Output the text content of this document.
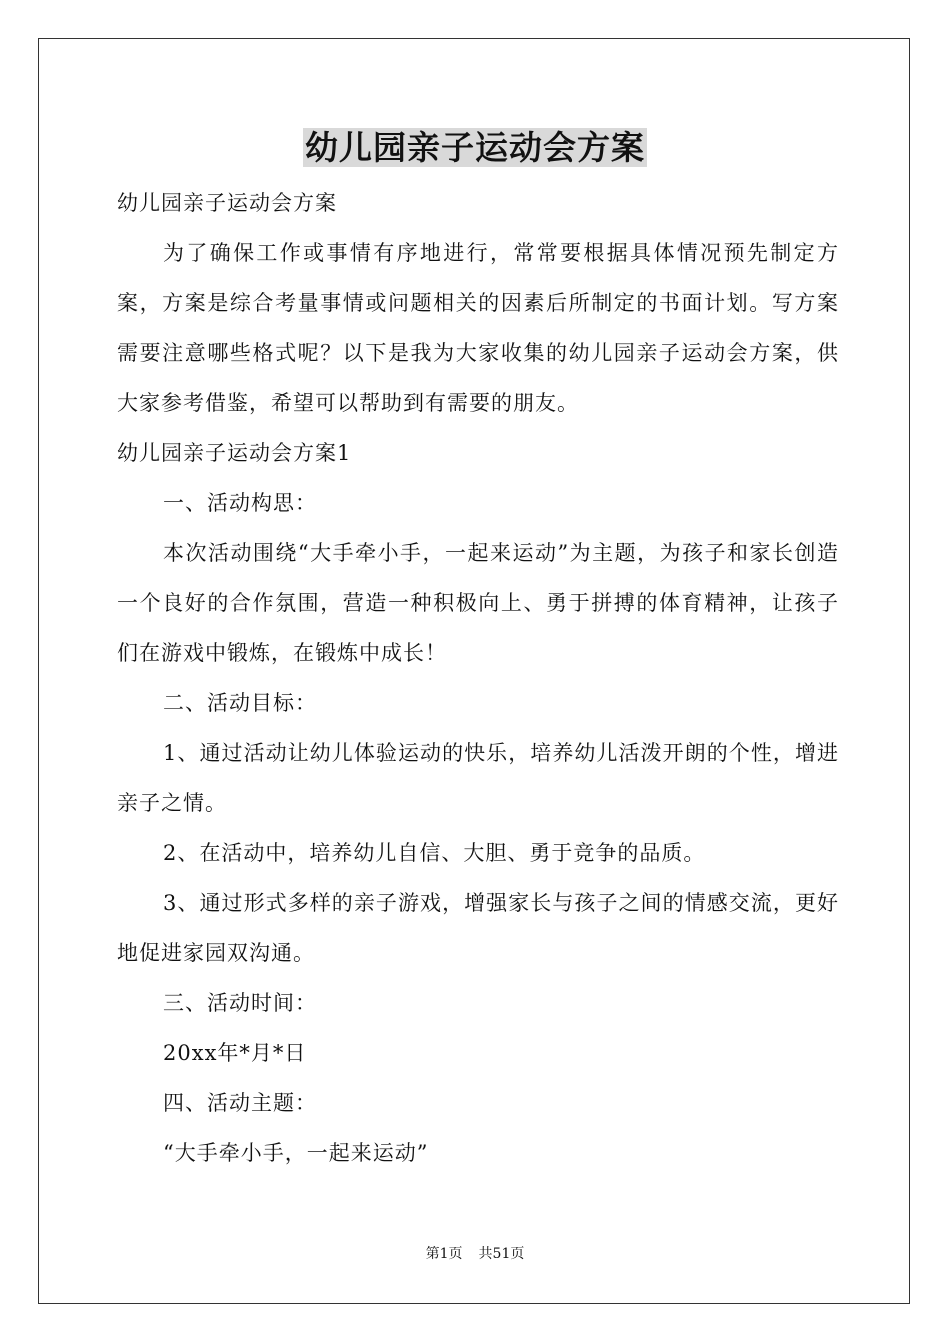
幼儿园亲子运动会方案

幼儿园亲子运动会方案

为了确保工作或事情有序地进行，常常要根据具体情况预先制定方案，方案是综合考量事情或问题相关的因素后所制定的书面计划。写方案需要注意哪些格式呢？以下是我为大家收集的幼儿园亲子运动会方案，供大家参考借鉴，希望可以帮助到有需要的朋友。

幼儿园亲子运动会方案1

一、活动构思：

本次活动围绕“大手牵小手，一起来运动”为主题，为孩子和家长创造一个良好的合作氛围，营造一种积极向上、勇于拼搏的体育精神，让孩子们在游戏中锻炼，在锻炼中成长！

二、活动目标：

1、通过活动让幼儿体验运动的快乐，培养幼儿活泼开朗的个性，增进亲子之情。

2、在活动中，培养幼儿自信、大胆、勇于竞争的品质。

3、通过形式多样的亲子游戏，增强家长与孩子之间的情感交流，更好地促进家园双沟通。

三、活动时间：

20xx年*月*日

四、活动主题：

“大手牵小手，一起来运动”

第1页 共51页
